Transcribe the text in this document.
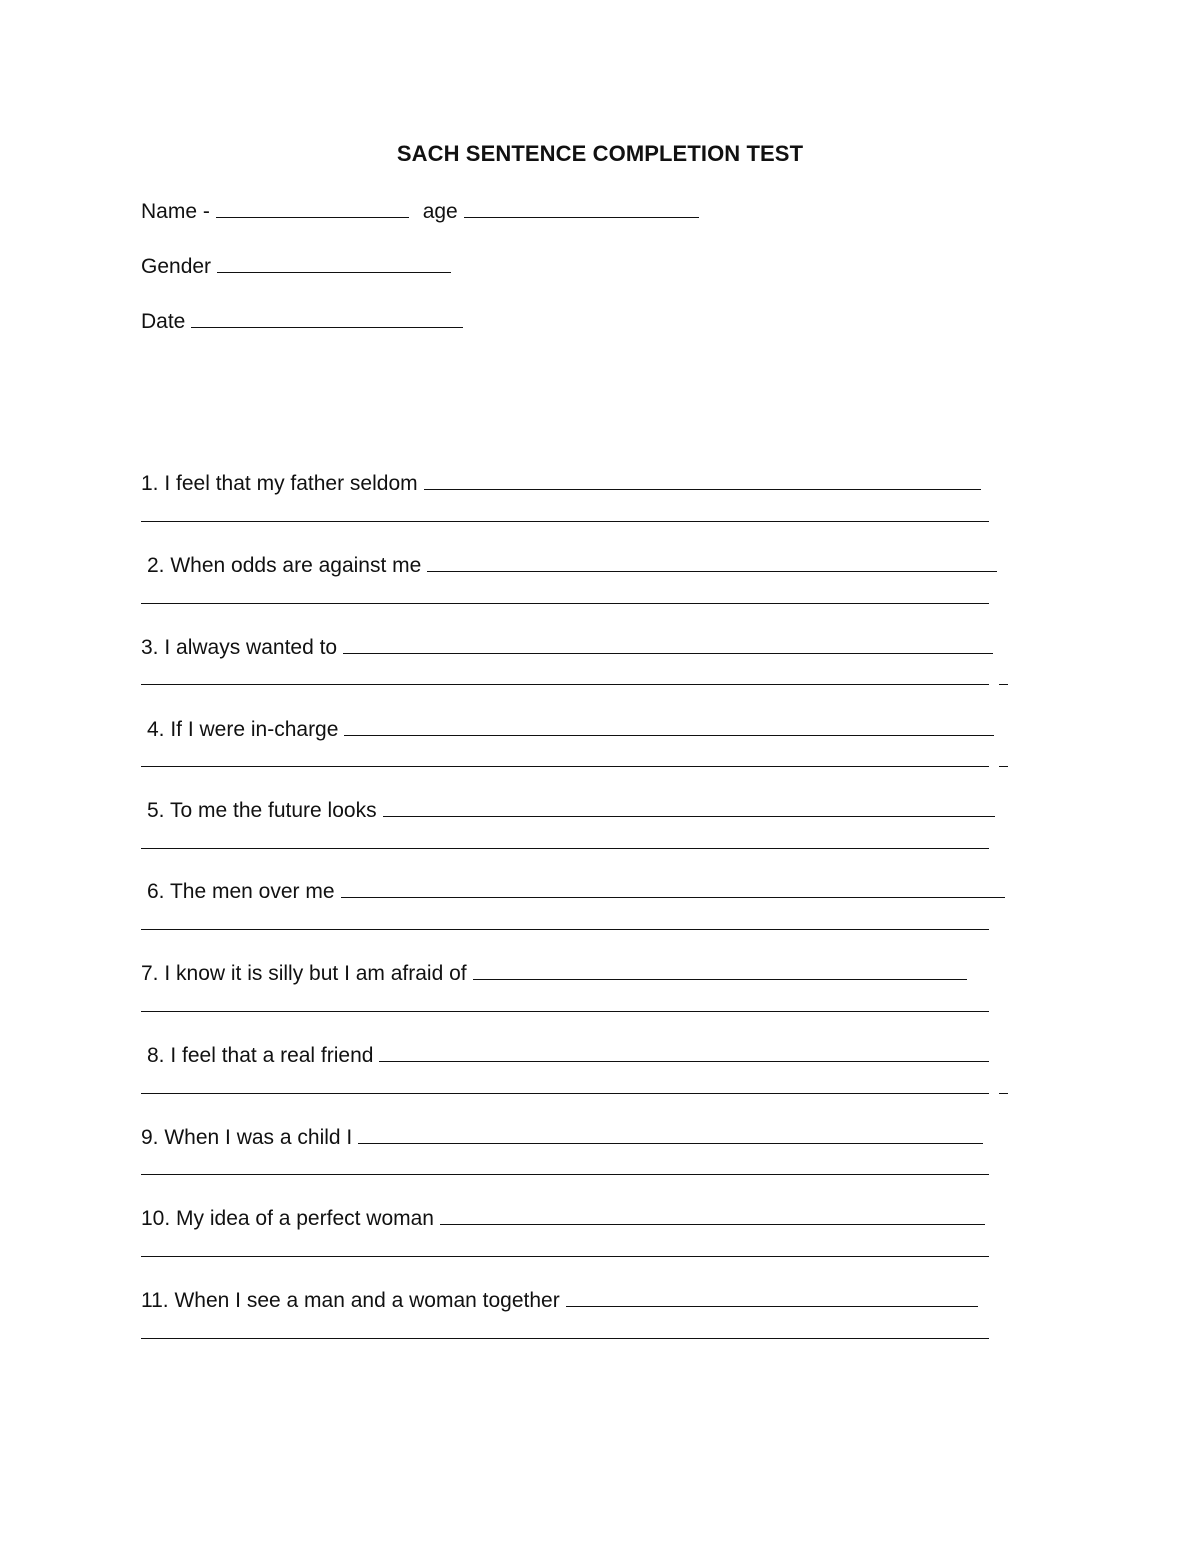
SACH SENTENCE COMPLETION TEST
Name -	age
Gender
Date
1. I feel that my father seldom
2. When odds are against me
3. I always wanted to
4. If I were in-charge
5. To me the future looks
6. The men over me
7. I know it is silly but I am afraid of
8. I feel that a real friend
9. When I was a child I
10. My idea of a perfect woman
11. When I see a man and a woman together
